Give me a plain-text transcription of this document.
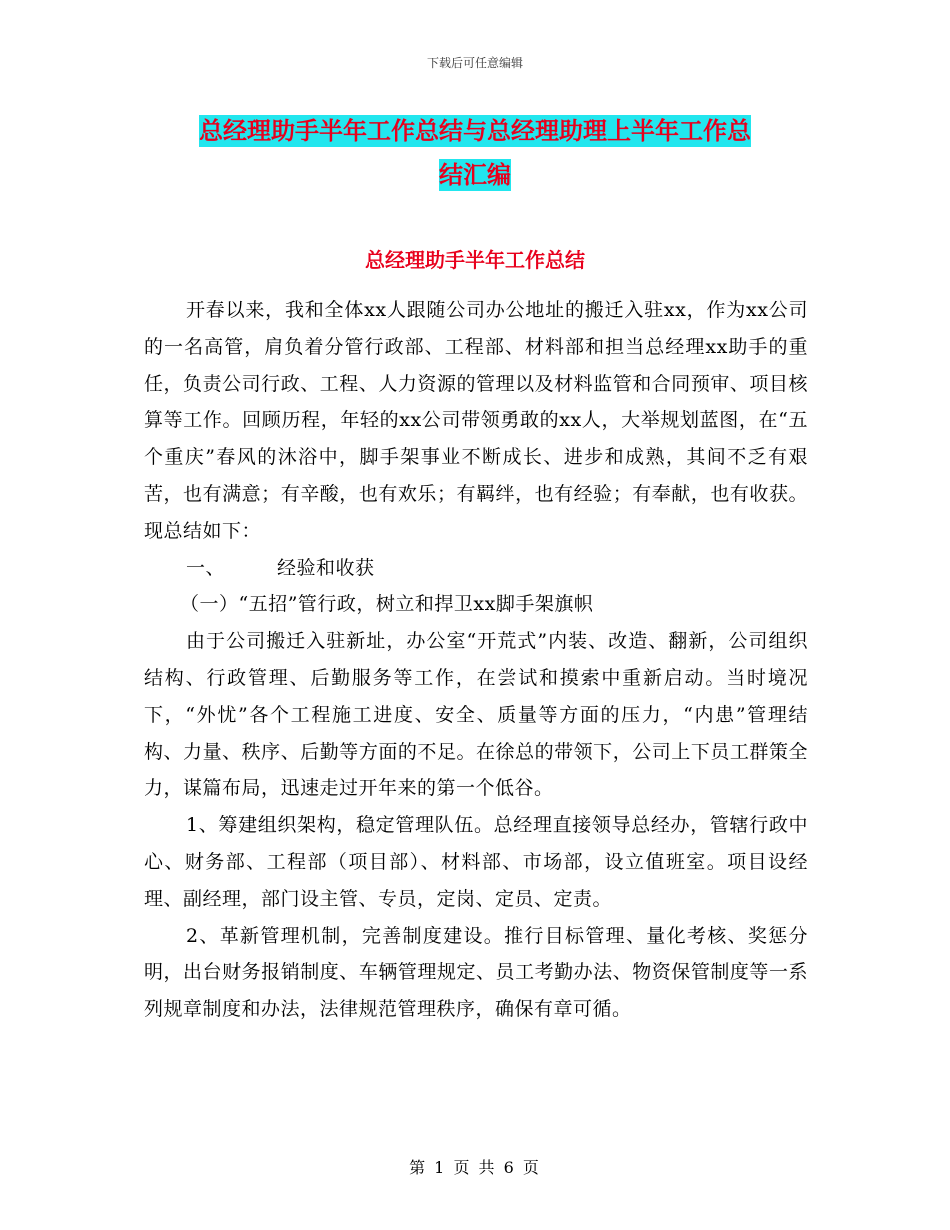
下载后可任意编辑
总经理助手半年工作总结与总经理助理上半年工作总
结汇编
总经理助手半年工作总结

开春以来，我和全体xx人跟随公司办公地址的搬迁入驻xx，作为xx公司的一名高管，肩负着分管行政部、工程部、材料部和担当总经理xx助手的重任，负责公司行政、工程、人力资源的管理以及材料监管和合同预审、项目核算等工作。回顾历程，年轻的xx公司带领勇敢的xx人，大举规划蓝图，在“五个重庆”春风的沐浴中，脚手架事业不断成长、进步和成熟，其间不乏有艰苦，也有满意；有辛酸，也有欢乐；有羁绊，也有经验；有奉献，也有收获。现总结如下：

一、	经验和收获

（一）“五招”管行政，树立和捍卫xx脚手架旗帜

由于公司搬迁入驻新址，办公室“开荒式”内装、改造、翻新，公司组织结构、行政管理、后勤服务等工作，在尝试和摸索中重新启动。当时境况下，“外忧”各个工程施工进度、安全、质量等方面的压力，“内患”管理结构、力量、秩序、后勤等方面的不足。在徐总的带领下，公司上下员工群策全力，谋篇布局，迅速走过开年来的第一个低谷。

1、筹建组织架构，稳定管理队伍。总经理直接领导总经办，管辖行政中心、财务部、工程部（项目部）、材料部、市场部，设立值班室。项目设经理、副经理，部门设主管、专员，定岗、定员、定责。

2、革新管理机制，完善制度建设。推行目标管理、量化考核、奖惩分明，出台财务报销制度、车辆管理规定、员工考勤办法、物资保管制度等一系列规章制度和办法，法律规范管理秩序，确保有章可循。

第 1 页 共 6 页
